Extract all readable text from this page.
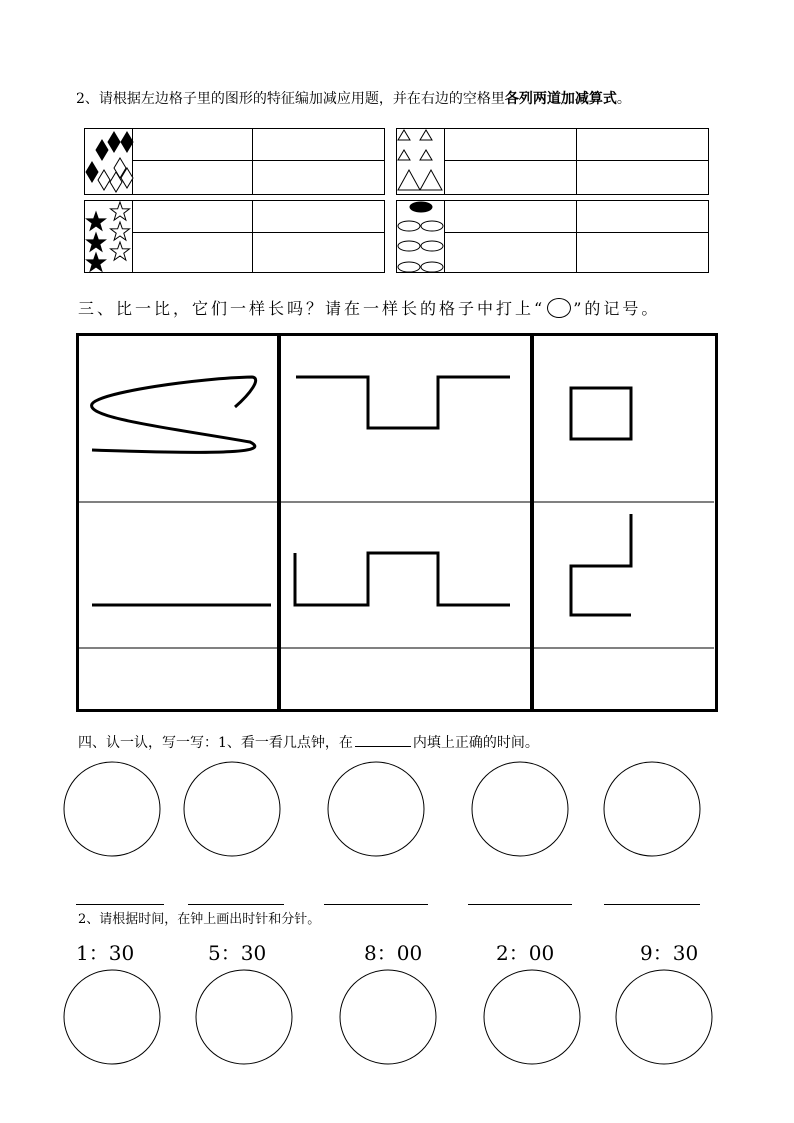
2、请根据左边格子里的图形的特征编加减应用题，并在右边的空格里各列两道加减算式。
三、比一比，它们一样长吗？请在一样长的格子中打上“ ○ ”的记号。
四、认一认，写一写：1、看一看几点钟，在	内填上正确的时间。
2、请根据时间，在钟上画出时针和分针。
1：30	5：30	8：00	2：00	9：30
